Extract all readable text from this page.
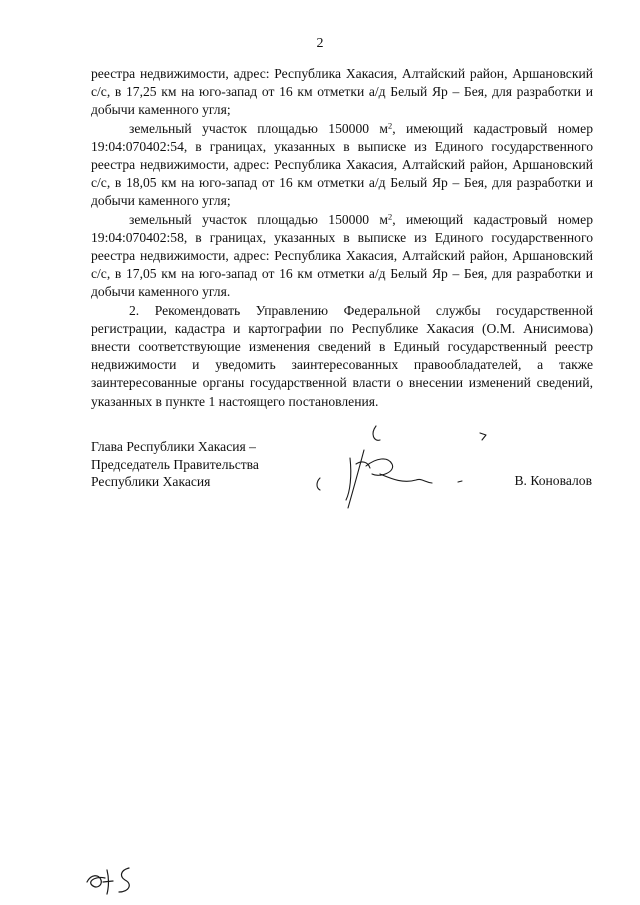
2

реестра недвижимости, адрес: Республика Хакасия, Алтайский район, Аршановский с/с, в 17,25 км на юго-запад от 16 км отметки а/д Белый Яр – Бея, для разработки и добычи каменного угля;

земельный участок площадью 150000 $м^2$, имеющий кадастровый номер 19:04:070402:54, в границах, указанных в выписке из Единого государственного реестра недвижимости, адрес: Республика Хакасия, Алтайский район, Аршановский с/с, в 18,05 км на юго-запад от 16 км отметки а/д Белый Яр – Бея, для разработки и добычи каменного угля;

земельный участок площадью 150000 $м^2$, имеющий кадастровый номер 19:04:070402:58, в границах, указанных в выписке из Единого государственного реестра недвижимости, адрес: Республика Хакасия, Алтайский район, Аршановский с/с, в 17,05 км на юго-запад от 16 км отметки а/д Белый Яр – Бея, для разработки и добычи каменного угля.

2. Рекомендовать Управлению Федеральной службы государственной регистрации, кадастра и картографии по Республике Хакасия (О.М. Анисимова) внести соответствующие изменения сведений в Единый государственный реестр недвижимости и уведомить заинтересованных правообладателей, а также заинтересованные органы государственной власти о внесении изменений сведений, указанных в пункте 1 настоящего постановления.

Глава Республики Хакасия –
Председатель Правительства
Республики Хакасия	В. Коновалов
